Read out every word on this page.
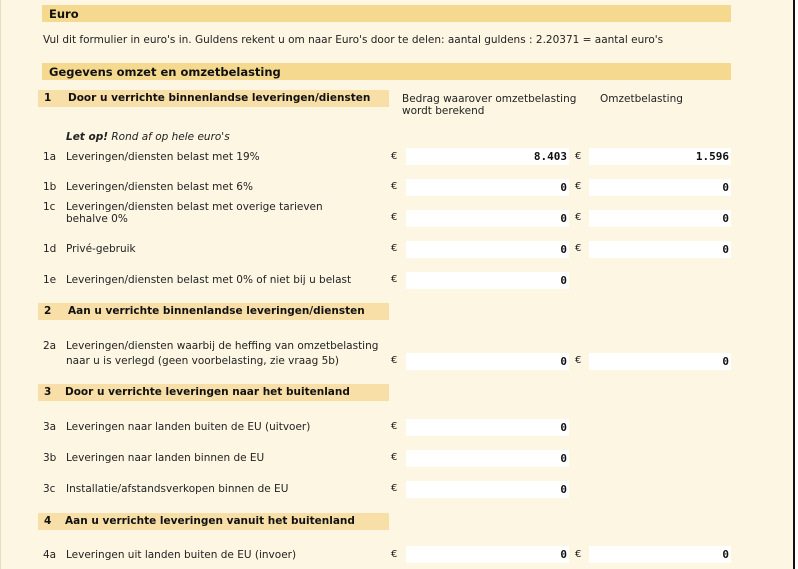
Euro
Vul dit formulier in euro's in. Guldens rekent u om naar Euro's door te delen: aantal guldens : 2.20371 = aantal euro's
Gegevens omzet en omzetbelasting
1 Door u verrichte binnenlandse leveringen/diensten	Bedrag waarover omzetbelasting wordt berekend
Omzetbelasting
Let op! Rond af op hele euro's
1a Leveringen/diensten belast met 19%	€	8.403 €	1.596
1b Leveringen/diensten belast met 6%	€	0 €	0
1c Leveringen/diensten belast met overige tarieven
behalve 0%	€	0 €	0
1d Privé-gebruik	€	0 €	0
1e Leveringen/diensten belast met 0% of niet bij u belast	€	0
2 Aan u verrichte binnenlandse leveringen/diensten
2a Leveringen/diensten waarbij de heffing van omzetbelasting
naar u is verlegd (geen voorbelasting, zie vraag 5b)	€	0 €	0
3 Door u verrichte leveringen naar het buitenland
3a Leveringen naar landen buiten de EU (uitvoer)	€	0
3b Leveringen naar landen binnen de EU	€	0
3c Installatie/afstandsverkopen binnen de EU	€	0
4 Aan u verrichte leveringen vanuit het buitenland
4a Leveringen uit landen buiten de EU (invoer)	€	0 €	0
